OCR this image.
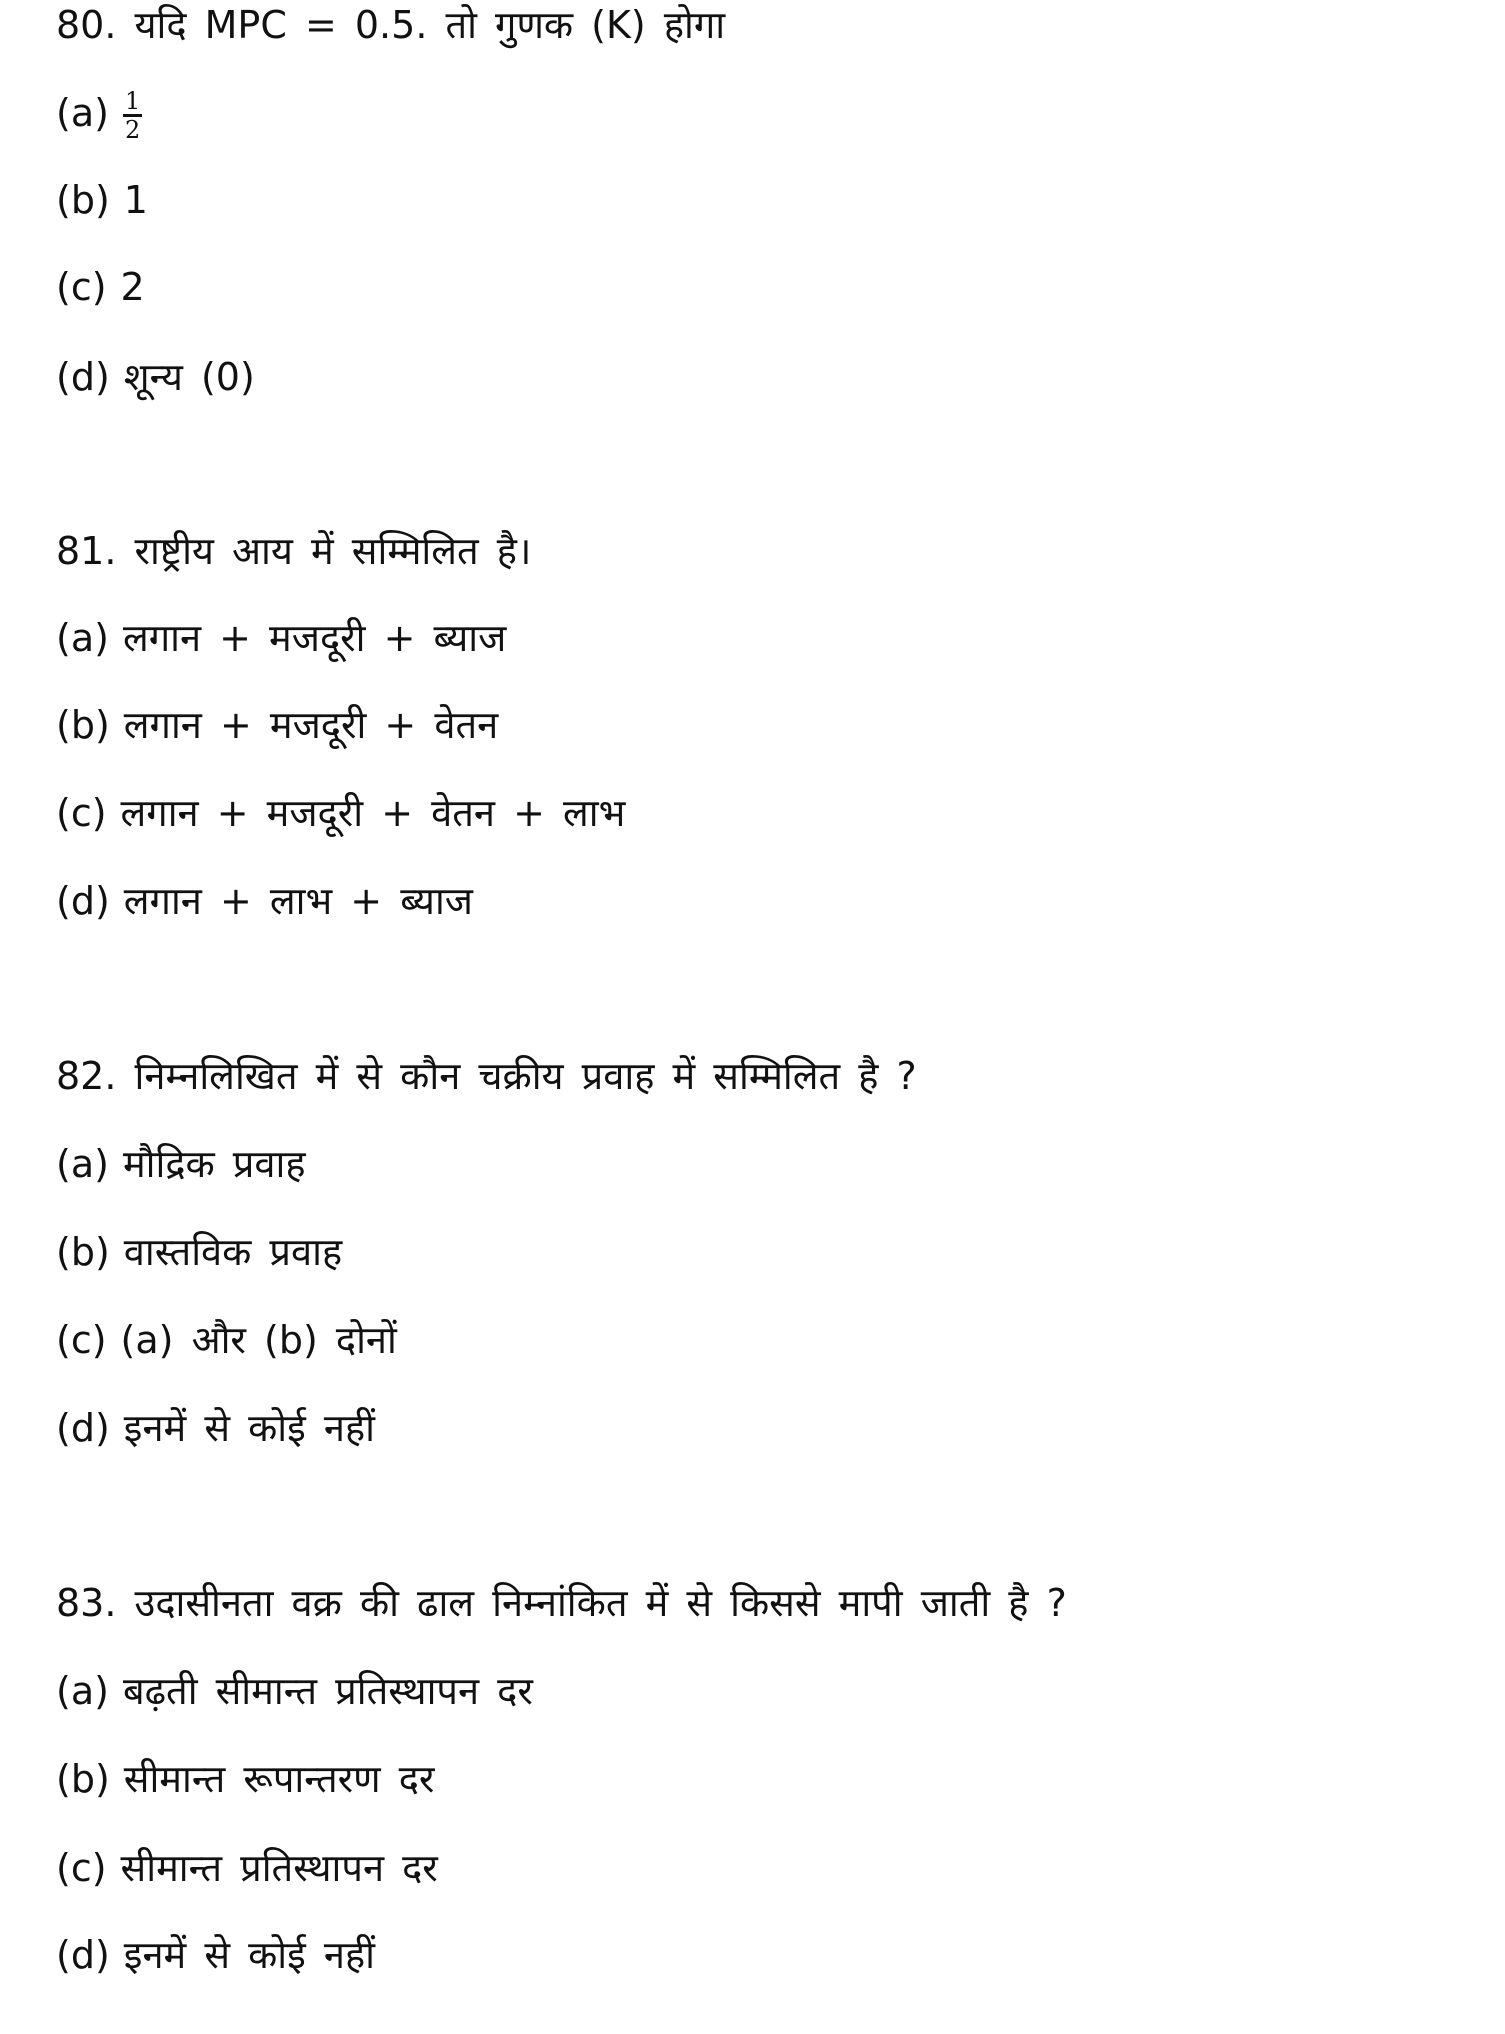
80. यदि MPC = 0.5. तो गुणक (K) होगा
$(a) \frac{1}{2}$
(b) 1
(c) 2
(d) शून्य (0)
81. राष्ट्रीय आय में सम्मिलित है।
(a) लगान + मजदूरी + ब्याज
(b) लगान + मजदूरी + वेतन
(c) लगान + मजदूरी + वेतन + लाभ
(d) लगान + लाभ + ब्याज
82. निम्नलिखित में से कौन चक्रीय प्रवाह में सम्मिलित है ?
(a) मौद्रिक प्रवाह
(b) वास्तविक प्रवाह
(c) (a) और (b) दोनों
(d) इनमें से कोई नहीं
83. उदासीनता वक्र की ढाल निम्नांकित में से किससे मापी जाती है ?
(a) बढ़ती सीमान्त प्रतिस्थापन दर
(b) सीमान्त रूपान्तरण दर
(c) सीमान्त प्रतिस्थापन दर
(d) इनमें से कोई नहीं
